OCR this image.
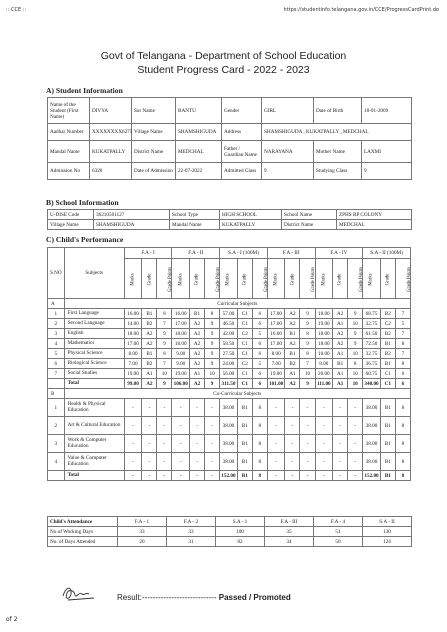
:: CCE ::	https://studentinfo.telangana.gov.in/CCE/ProgressCardPrint.do
Govt of Telangana - Department of School Education
Student Progress Card - 2022 - 2023
A) Student Information
Name of the Student (First Name)	DIVYA	Sur Name	BANTU	Gender	GIRL	Date of Birth	18-01-2009
Aadhar Number	XXXXXXXX6275	Village Name	SHAMSHIGUDA	Address	SHAMSHIGUDA , KUKATPALLY , MEDCHAL		
Mandal Name	KUKATPALLY	District Name	MEDCHAL	Father / Guardian Name	NARAYANA	Mother Name	LAXMI
Admission No	6320	Date of Admission	22-07-2022	Admitted Class	9	Studying Class	9
B) School Information
U-DISE Code	36210501127	School Type	HIGH SCHOOL	School Name	ZPHS RP COLONY
Village Name	SHAMSHIGUDA	Mandal Name	KUKATPALLY	District Name	MEDCHAL
C) Child's Performance
S.NO	Subjects	F.A - I			F.A - II			S.A - I (100M)			F.A - III			F.A - IV			S.A - II (100M)		
		Marks	Grade	Grade Points	Marks	Grade	Grade Points	Marks	Grade	Grade Points	Marks	Grade	Grade Points	Marks	Grade	Grade Points	Marks	Grade	Grade Points
A	Curricular Subjects																		
1	First Language	16.00	B1	8	16.00	B1	8	57.00	C1	6	17.00	A2	9	18.00	A2	9	68.75	B2	7
2	Second Language	14.00	B2	7	17.00	A2	9	46.50	C1	6	17.00	A2	9	19.00	A1	10	32.75	C2	5
3	English	18.00	A2	9	18.00	A2	9	42.00	C2	5	16.00	B1	8	18.00	A2	9	61.50	B2	7
4	Mathematics	17.00	A2	9	18.00	A2	9	58.50	C1	6	17.00	A2	9	18.00	A2	9	72.50	B1	8
5	Physical Science	8.00	B1	8	9.00	A2	9	27.50	C1	6	8.00	B1	8	10.00	A1	10	32.75	B2	7
6	Biological Science	7.00	B2	7	9.00	A2	9	24.00	C2	5	7.00	B2	7	8.00	B1	8	36.75	B1	8
7	Social Studies	19.00	A1	10	19.00	A1	10	56.00	C1	6	19.00	A1	10	20.00	A1	10	60.75	C1	6
	Total	99.00	A2	9	106.00	A2	9	311.50	C1	6	101.00	A2	9	111.00	A1	10	340.00	C1	6
B	Co-Curricular Subjects																		
1	Health & Physical Education	-	-	-	-	-	-	38.00	B1	8	-	-	-	-	-	-	38.00	B1	8
2	Art & Cultural Education	-	-	-	-	-	-	38.00	B1	8	-	-	-	-	-	-	38.00	B1	8
3	Work & Computer Education	-	-	-	-	-	-	38.00	B1	8	-	-	-	-	-	-	38.00	B1	8
4	Value & Computer Education	-	-	-	-	-	-	38.00	B1	8	-	-	-	-	-	-	38.00	B1	8
	Total	-	-	-	-	-	-	152.00	B1	8	-	-	-	-	-	-	152.00	B1	8
Child's Attendance	F.A - 1	F.A - 2	S.A - 1	F.A - III	F.A - 4	S.A - II
No.of Working Days	33	33	100	35	51	130
No. of Days Attended	20	31	82	34	50	124
Result:---------------------------- Passed / Promoted
of 2
